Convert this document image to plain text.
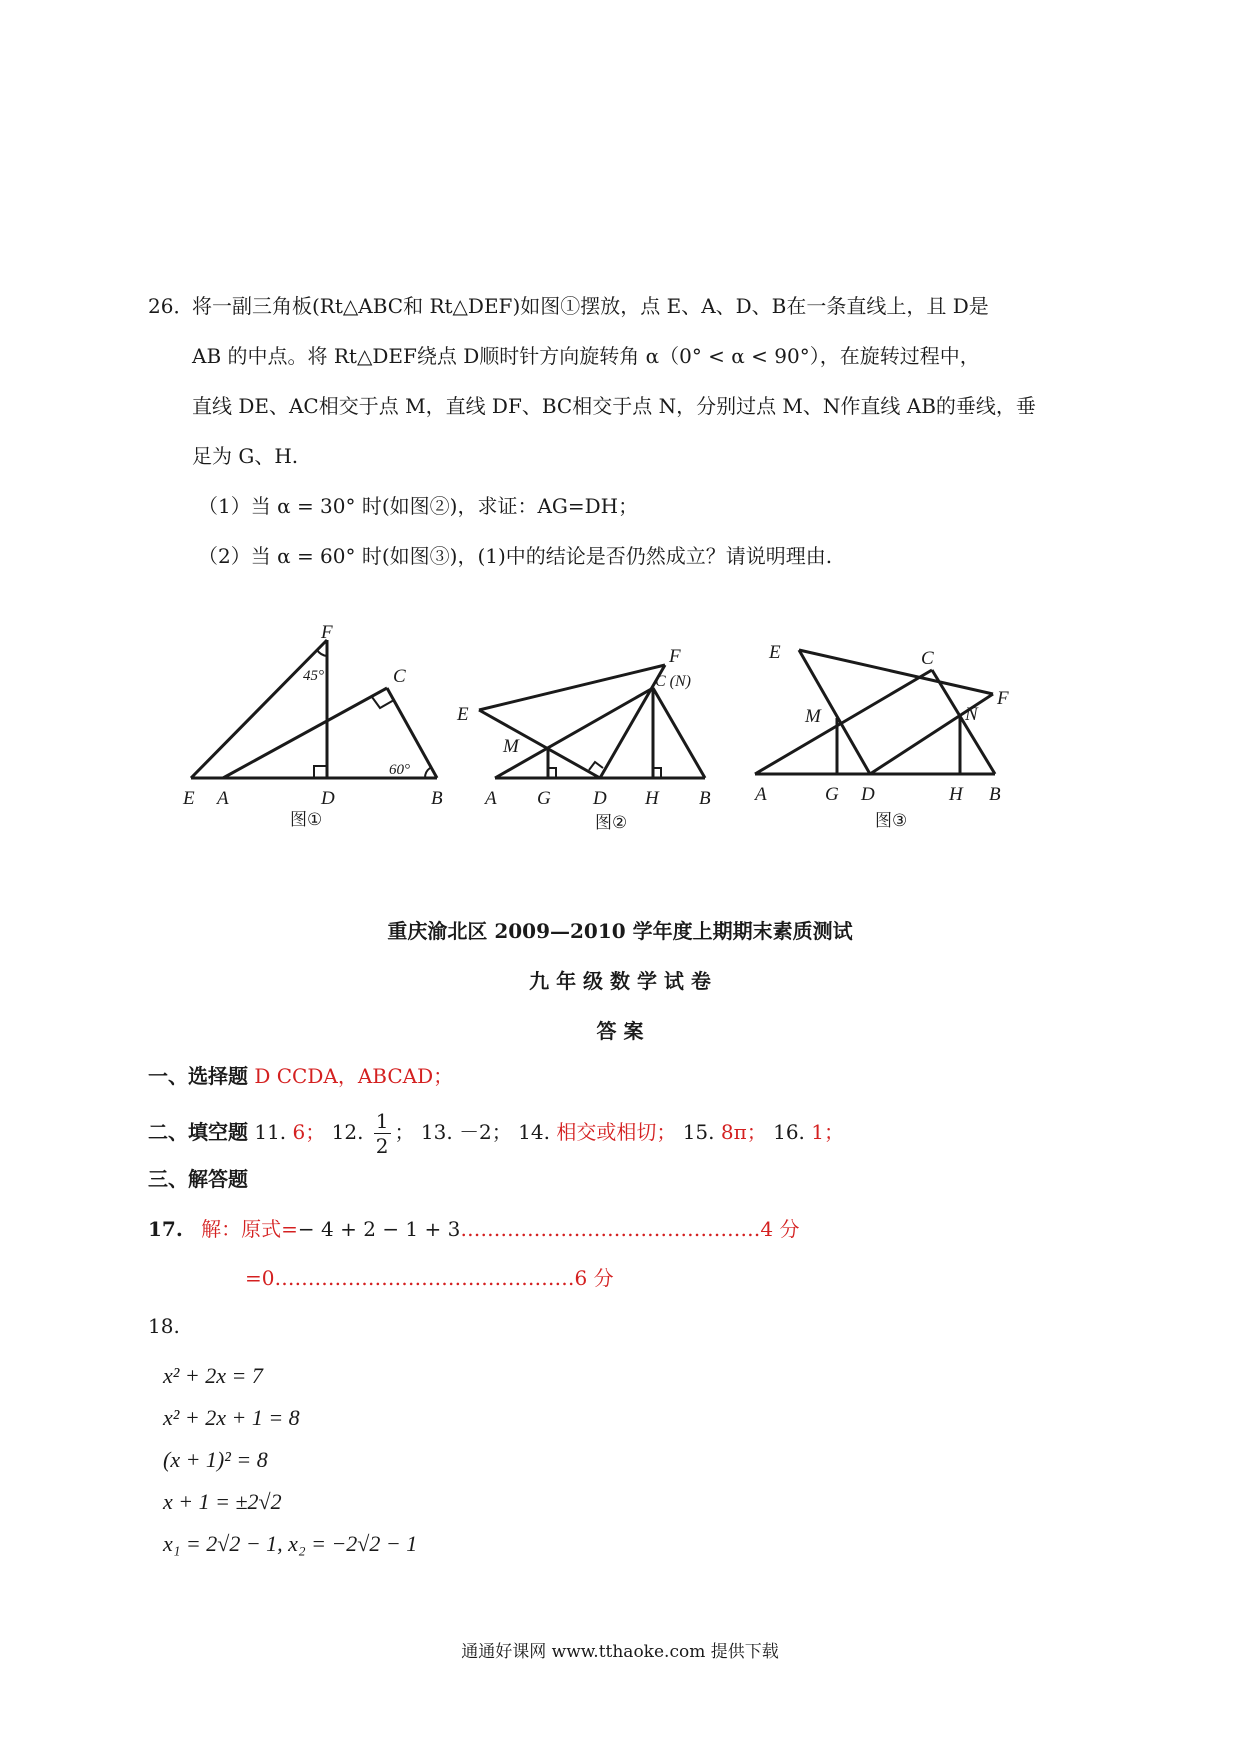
26．
将一副三角板(Rt△ABC和 Rt△DEF)如图①摆放，点 E、A、D、B在一条直线上，且 D是
AB 的中点。将 Rt△DEF绕点 D顺时针方向旋转角 α（0° < α < 90°），在旋转过程中，
直线 DE、AC相交于点 M，直线 DF、BC相交于点 N，分别过点 M、N作直线 AB的垂线，垂
足为 G、H.
（1）当 α = 30° 时(如图②)，求证：AG=DH；
（2）当 α = 60° 时(如图③)，(1)中的结论是否仍然成立？请说明理由.
F
C
45°
60°
E A	D	B
图①
F
C (N)
E
M
A G D H B
图②
E	C
F
M	N
A	G D	H B
图③
重庆渝北区 2009—2010 学年度上期期末素质测试
九 年 级 数 学 试 卷
答 案
一、选择题 D CCDA，ABCAD；
二、填空题 11. 6； 12. $\frac{1}{2}$ ； 13. －2； 14. 相交或相切； 15. 8π； 16. 1；
三、解答题
17. 解：原式=− 4 + 2 − 1 + 3………………………………………4 分
=0………………………………………6 分
18.
x² + 2x = 7
x² + 2x + 1 = 8
(x + 1)² = 8
x + 1 = ±2√2
x₁ = 2√2 − 1, x₂ = −2√2 − 1
通通好课网 www.tthaoke.com 提供下载
